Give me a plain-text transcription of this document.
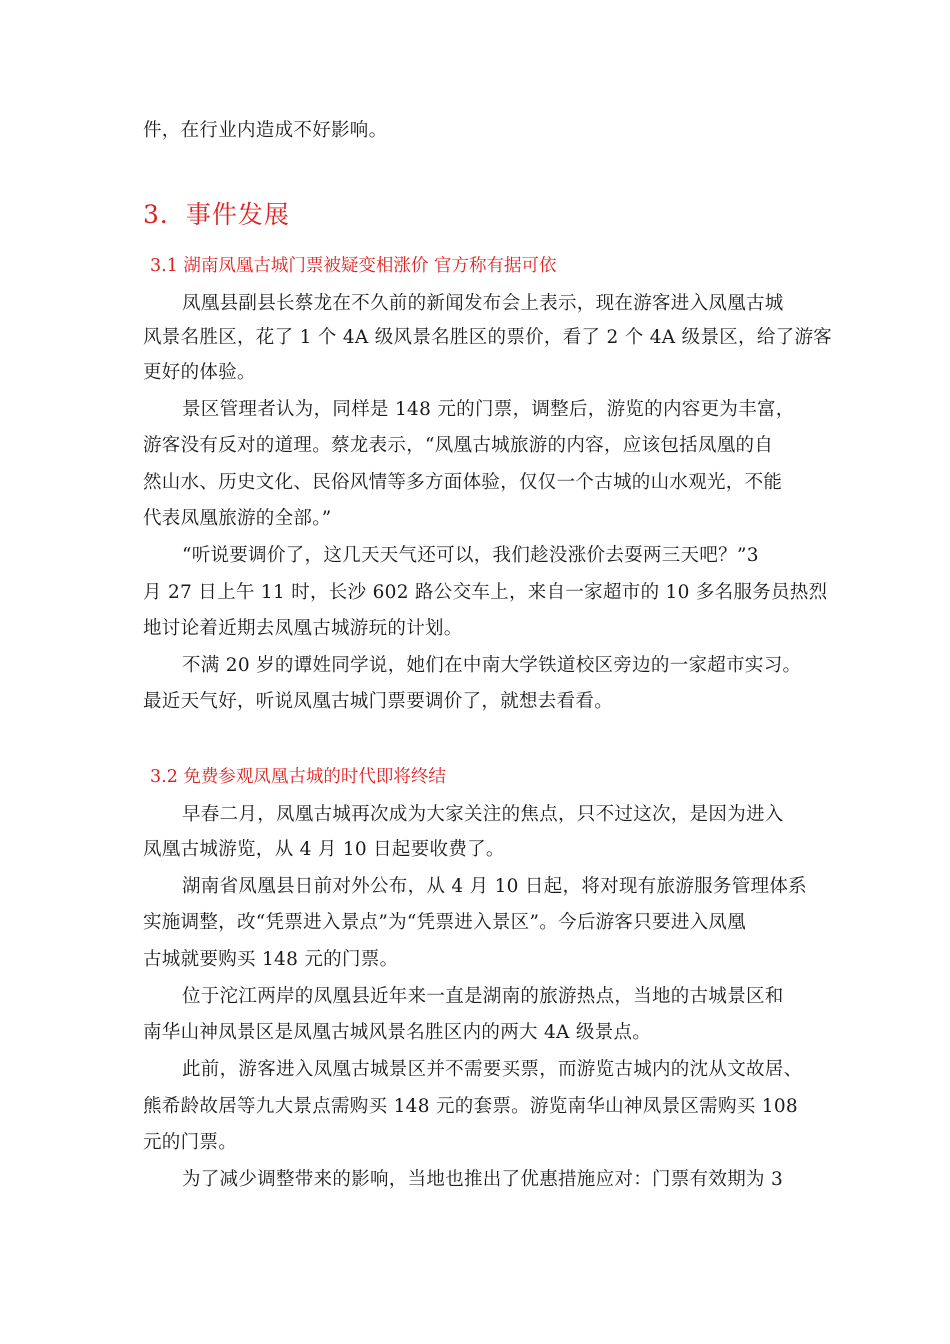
件，在行业内造成不好影响。
3．事件发展
3.1 湖南凤凰古城门票被疑变相涨价 官方称有据可依
凤凰县副县长蔡龙在不久前的新闻发布会上表示，现在游客进入凤凰古城
风景名胜区，花了 1 个 4A 级风景名胜区的票价，看了 2 个 4A 级景区，给了游客
更好的体验。
景区管理者认为，同样是 148 元的门票，调整后，游览的内容更为丰富，
游客没有反对的道理。蔡龙表示，“凤凰古城旅游的内容，应该包括凤凰的自
然山水、历史文化、民俗风情等多方面体验，仅仅一个古城的山水观光，不能
代表凤凰旅游的全部。”
“听说要调价了，这几天天气还可以，我们趁没涨价去耍两三天吧？”3
月 27 日上午 11 时，长沙 602 路公交车上，来自一家超市的 10 多名服务员热烈
地讨论着近期去凤凰古城游玩的计划。
不满 20 岁的谭姓同学说，她们在中南大学铁道校区旁边的一家超市实习。
最近天气好，听说凤凰古城门票要调价了，就想去看看。
3.2 免费参观凤凰古城的时代即将终结
早春二月，凤凰古城再次成为大家关注的焦点，只不过这次，是因为进入
凤凰古城游览，从 4 月 10 日起要收费了。
湖南省凤凰县日前对外公布，从 4 月 10 日起，将对现有旅游服务管理体系
实施调整，改“凭票进入景点”为“凭票进入景区”。今后游客只要进入凤凰
古城就要购买 148 元的门票。
位于沱江两岸的凤凰县近年来一直是湖南的旅游热点，当地的古城景区和
南华山神凤景区是凤凰古城风景名胜区内的两大 4A 级景点。
此前，游客进入凤凰古城景区并不需要买票，而游览古城内的沈从文故居、
熊希龄故居等九大景点需购买 148 元的套票。游览南华山神凤景区需购买 108
元的门票。
为了减少调整带来的影响，当地也推出了优惠措施应对：门票有效期为 3
